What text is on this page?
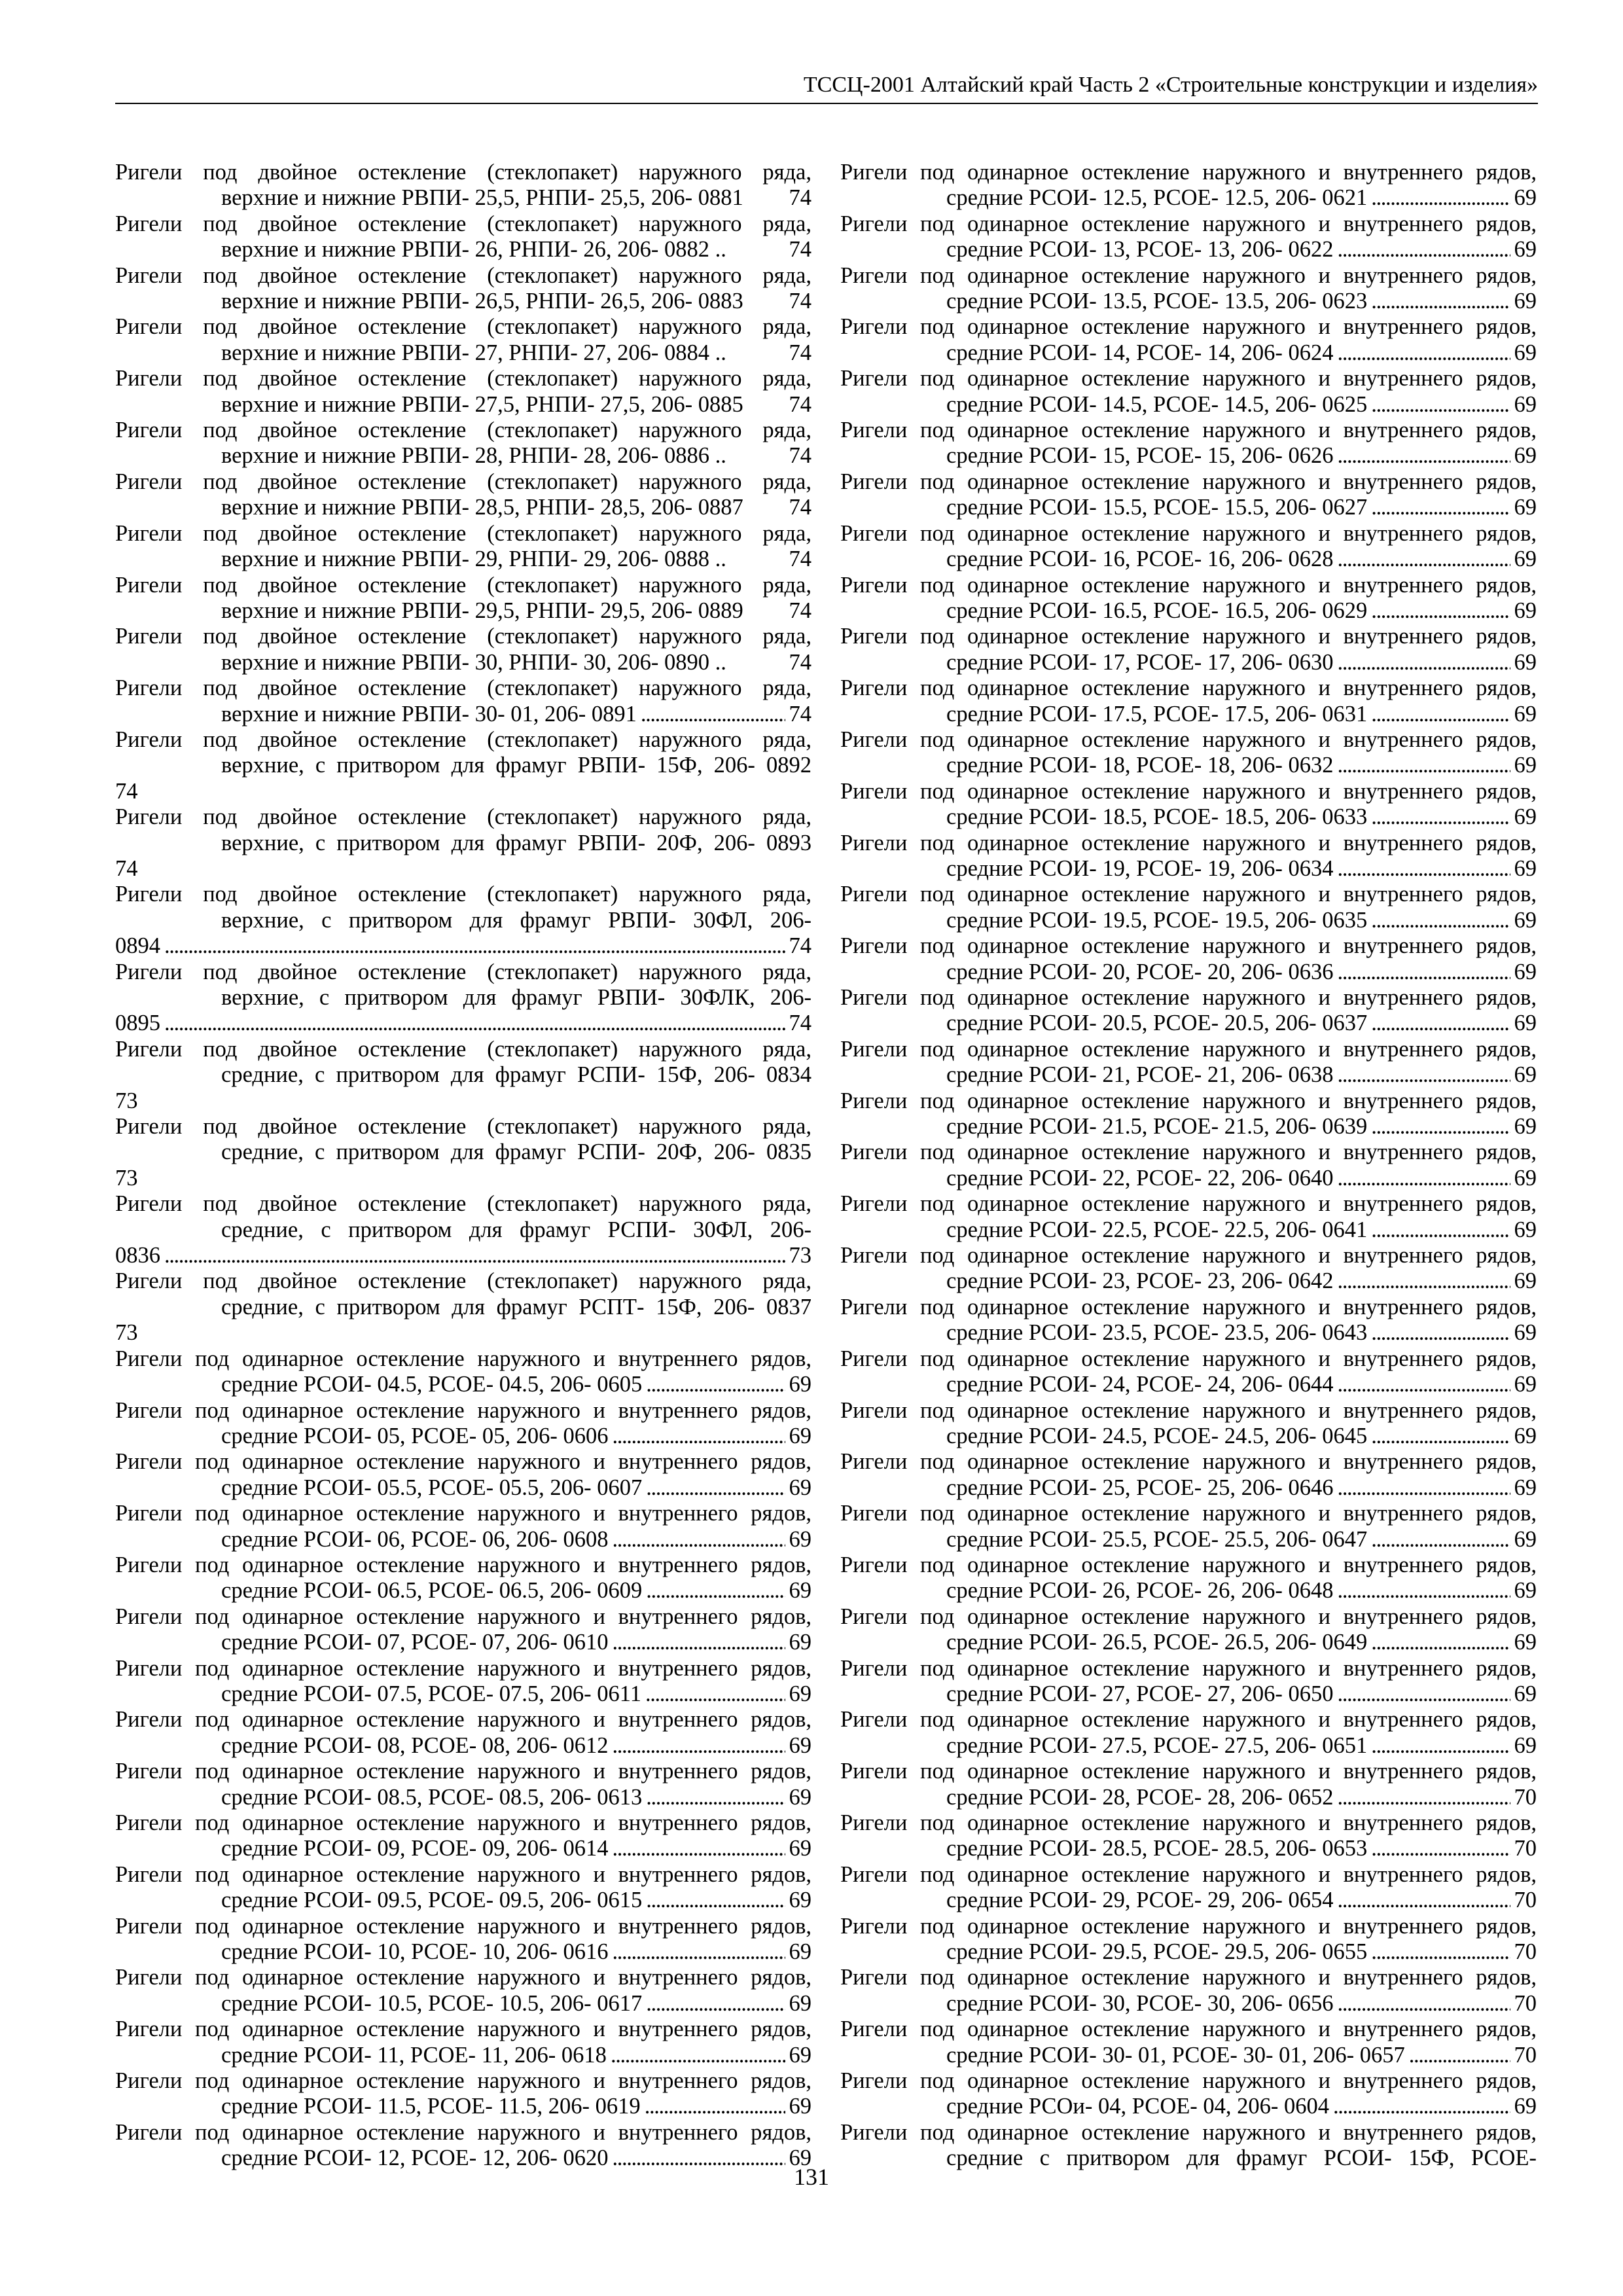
ТССЦ-2001 Алтайский край Часть 2 «Строительные конструкции и изделия»
Ригели под двойное остекление (стеклопакет) наружного ряда,
верхние и нижние РВПИ- 25,5, РНПИ- 25,5, 206- 0881 74
Ригели под двойное остекление (стеклопакет) наружного ряда,
верхние и нижние РВПИ- 26, РНПИ- 26, 206- 0882 ..	74
Ригели под двойное остекление (стеклопакет) наружного ряда,
верхние и нижние РВПИ- 26,5, РНПИ- 26,5, 206- 0883 74
Ригели под двойное остекление (стеклопакет) наружного ряда,
верхние и нижние РВПИ- 27, РНПИ- 27, 206- 0884 ..	74
Ригели под двойное остекление (стеклопакет) наружного ряда,
верхние и нижние РВПИ- 27,5, РНПИ- 27,5, 206- 0885 74
Ригели под двойное остекление (стеклопакет) наружного ряда,
верхние и нижние РВПИ- 28, РНПИ- 28, 206- 0886 ..	74
Ригели под двойное остекление (стеклопакет) наружного ряда,
верхние и нижние РВПИ- 28,5, РНПИ- 28,5, 206- 0887 74
Ригели под двойное остекление (стеклопакет) наружного ряда,
верхние и нижние РВПИ- 29, РНПИ- 29, 206- 0888 ..	74
Ригели под двойное остекление (стеклопакет) наружного ряда,
верхние и нижние РВПИ- 29,5, РНПИ- 29,5, 206- 0889 74
Ригели под двойное остекление (стеклопакет) наружного ряда,
верхние и нижние РВПИ- 30, РНПИ- 30, 206- 0890 ..	74
Ригели под двойное остекление (стеклопакет) наружного ряда,
верхние и нижние РВПИ- 30- 01, 206- 0891 . . .	74
Ригели под двойное остекление (стеклопакет) наружного ряда,
верхние, с притвором для фрамуг РВПИ- 15Ф, 206- 0892
74
Ригели под двойное остекление (стеклопакет) наружного ряда,
верхние, с притвором для фрамуг РВПИ- 20Ф, 206- 0893
74
Ригели под двойное остекление (стеклопакет) наружного ряда,
верхние, с притвором для фрамуг РВПИ- 30ФЛ, 206-
0894 . . .	74
Ригели под двойное остекление (стеклопакет) наружного ряда,
верхние, с притвором для фрамуг РВПИ- 30ФЛК, 206-
0895 . . .	74
Ригели под двойное остекление (стеклопакет) наружного ряда,
средние, с притвором для фрамуг РСПИ- 15Ф, 206- 0834
73
Ригели под двойное остекление (стеклопакет) наружного ряда,
средние, с притвором для фрамуг РСПИ- 20Ф, 206- 0835
73
Ригели под двойное остекление (стеклопакет) наружного ряда,
средние, с притвором для фрамуг РСПИ- 30ФЛ, 206-
0836 . . .	73
Ригели под двойное остекление (стеклопакет) наружного ряда,
средние, с притвором для фрамуг РСПТ- 15Ф, 206- 0837
73
Ригели под одинарное остекление наружного и внутреннего рядов,
средние РСОИ- 04.5, РСОЕ- 04.5, 206- 0605 . . .	69
Ригели под одинарное остекление наружного и внутреннего рядов,
средние РСОИ- 05, РСОЕ- 05, 206- 0606 . . .	69
Ригели под одинарное остекление наружного и внутреннего рядов,
средние РСОИ- 05.5, РСОЕ- 05.5, 206- 0607 . . .	69
Ригели под одинарное остекление наружного и внутреннего рядов,
средние РСОИ- 06, РСОЕ- 06, 206- 0608 . . .	69
Ригели под одинарное остекление наружного и внутреннего рядов,
средние РСОИ- 06.5, РСОЕ- 06.5, 206- 0609 . . .	69
Ригели под одинарное остекление наружного и внутреннего рядов,
средние РСОИ- 07, РСОЕ- 07, 206- 0610 . . .	69
Ригели под одинарное остекление наружного и внутреннего рядов,
средние РСОИ- 07.5, РСОЕ- 07.5, 206- 0611 . . .	69
Ригели под одинарное остекление наружного и внутреннего рядов,
средние РСОИ- 08, РСОЕ- 08, 206- 0612 . . .	69
Ригели под одинарное остекление наружного и внутреннего рядов,
средние РСОИ- 08.5, РСОЕ- 08.5, 206- 0613 . . .	69
Ригели под одинарное остекление наружного и внутреннего рядов,
средние РСОИ- 09, РСОЕ- 09, 206- 0614 . . .	69
Ригели под одинарное остекление наружного и внутреннего рядов,
средние РСОИ- 09.5, РСОЕ- 09.5, 206- 0615 . . .	69
Ригели под одинарное остекление наружного и внутреннего рядов,
средние РСОИ- 10, РСОЕ- 10, 206- 0616 . . .	69
Ригели под одинарное остекление наружного и внутреннего рядов,
средние РСОИ- 10.5, РСОЕ- 10.5, 206- 0617 . . .	69
Ригели под одинарное остекление наружного и внутреннего рядов,
средние РСОИ- 11, РСОЕ- 11, 206- 0618 . . .	69
Ригели под одинарное остекление наружного и внутреннего рядов,
средние РСОИ- 11.5, РСОЕ- 11.5, 206- 0619 . . .	69
Ригели под одинарное остекление наружного и внутреннего рядов,
средние РСОИ- 12, РСОЕ- 12, 206- 0620 . . .	69
Ригели под одинарное остекление наружного и внутреннего рядов,
средние РСОИ- 12.5, РСОЕ- 12.5, 206- 0621 . . .	69
Ригели под одинарное остекление наружного и внутреннего рядов,
средние РСОИ- 13, РСОЕ- 13, 206- 0622 . . .	69
Ригели под одинарное остекление наружного и внутреннего рядов,
средние РСОИ- 13.5, РСОЕ- 13.5, 206- 0623 . . .	69
Ригели под одинарное остекление наружного и внутреннего рядов,
средние РСОИ- 14, РСОЕ- 14, 206- 0624 . . .	69
Ригели под одинарное остекление наружного и внутреннего рядов,
средние РСОИ- 14.5, РСОЕ- 14.5, 206- 0625 . . .	69
Ригели под одинарное остекление наружного и внутреннего рядов,
средние РСОИ- 15, РСОЕ- 15, 206- 0626 . . .	69
Ригели под одинарное остекление наружного и внутреннего рядов,
средние РСОИ- 15.5, РСОЕ- 15.5, 206- 0627 . . .	69
Ригели под одинарное остекление наружного и внутреннего рядов,
средние РСОИ- 16, РСОЕ- 16, 206- 0628 . . .	69
Ригели под одинарное остекление наружного и внутреннего рядов,
средние РСОИ- 16.5, РСОЕ- 16.5, 206- 0629 . . .	69
Ригели под одинарное остекление наружного и внутреннего рядов,
средние РСОИ- 17, РСОЕ- 17, 206- 0630 . . .	69
Ригели под одинарное остекление наружного и внутреннего рядов,
средние РСОИ- 17.5, РСОЕ- 17.5, 206- 0631 . . .	69
Ригели под одинарное остекление наружного и внутреннего рядов,
средние РСОИ- 18, РСОЕ- 18, 206- 0632 . . .	69
Ригели под одинарное остекление наружного и внутреннего рядов,
средние РСОИ- 18.5, РСОЕ- 18.5, 206- 0633 . . .	69
Ригели под одинарное остекление наружного и внутреннего рядов,
средние РСОИ- 19, РСОЕ- 19, 206- 0634 . . .	69
Ригели под одинарное остекление наружного и внутреннего рядов,
средние РСОИ- 19.5, РСОЕ- 19.5, 206- 0635 . . .	69
Ригели под одинарное остекление наружного и внутреннего рядов,
средние РСОИ- 20, РСОЕ- 20, 206- 0636 . . .	69
Ригели под одинарное остекление наружного и внутреннего рядов,
средние РСОИ- 20.5, РСОЕ- 20.5, 206- 0637 . . .	69
Ригели под одинарное остекление наружного и внутреннего рядов,
средние РСОИ- 21, РСОЕ- 21, 206- 0638 . . .	69
Ригели под одинарное остекление наружного и внутреннего рядов,
средние РСОИ- 21.5, РСОЕ- 21.5, 206- 0639 . . .	69
Ригели под одинарное остекление наружного и внутреннего рядов,
средние РСОИ- 22, РСОЕ- 22, 206- 0640 . . .	69
Ригели под одинарное остекление наружного и внутреннего рядов,
средние РСОИ- 22.5, РСОЕ- 22.5, 206- 0641 . . .	69
Ригели под одинарное остекление наружного и внутреннего рядов,
средние РСОИ- 23, РСОЕ- 23, 206- 0642 . . .	69
Ригели под одинарное остекление наружного и внутреннего рядов,
средние РСОИ- 23.5, РСОЕ- 23.5, 206- 0643 . . .	69
Ригели под одинарное остекление наружного и внутреннего рядов,
средние РСОИ- 24, РСОЕ- 24, 206- 0644 . . .	69
Ригели под одинарное остекление наружного и внутреннего рядов,
средние РСОИ- 24.5, РСОЕ- 24.5, 206- 0645 . . .	69
Ригели под одинарное остекление наружного и внутреннего рядов,
средние РСОИ- 25, РСОЕ- 25, 206- 0646 . . .	69
Ригели под одинарное остекление наружного и внутреннего рядов,
средние РСОИ- 25.5, РСОЕ- 25.5, 206- 0647 . . .	69
Ригели под одинарное остекление наружного и внутреннего рядов,
средние РСОИ- 26, РСОЕ- 26, 206- 0648 . . .	69
Ригели под одинарное остекление наружного и внутреннего рядов,
средние РСОИ- 26.5, РСОЕ- 26.5, 206- 0649 . . .	69
Ригели под одинарное остекление наружного и внутреннего рядов,
средние РСОИ- 27, РСОЕ- 27, 206- 0650 . . .	69
Ригели под одинарное остекление наружного и внутреннего рядов,
средние РСОИ- 27.5, РСОЕ- 27.5, 206- 0651 . . .	69
Ригели под одинарное остекление наружного и внутреннего рядов,
средние РСОИ- 28, РСОЕ- 28, 206- 0652 . . .	70
Ригели под одинарное остекление наружного и внутреннего рядов,
средние РСОИ- 28.5, РСОЕ- 28.5, 206- 0653 . . .	70
Ригели под одинарное остекление наружного и внутреннего рядов,
средние РСОИ- 29, РСОЕ- 29, 206- 0654 . . .	70
Ригели под одинарное остекление наружного и внутреннего рядов,
средние РСОИ- 29.5, РСОЕ- 29.5, 206- 0655 . . .	70
Ригели под одинарное остекление наружного и внутреннего рядов,
средние РСОИ- 30, РСОЕ- 30, 206- 0656 . . .	70
Ригели под одинарное остекление наружного и внутреннего рядов,
средние РСОИ- 30- 01, РСОЕ- 30- 01, 206- 0657 . . .	70
Ригели под одинарное остекление наружного и внутреннего рядов,
средние РСОи- 04, РСОЕ- 04, 206- 0604 . . .	69
Ригели под одинарное остекление наружного и внутреннего рядов,
средние с притвором для фрамуг РСОИ- 15Ф, РСОЕ-
131
